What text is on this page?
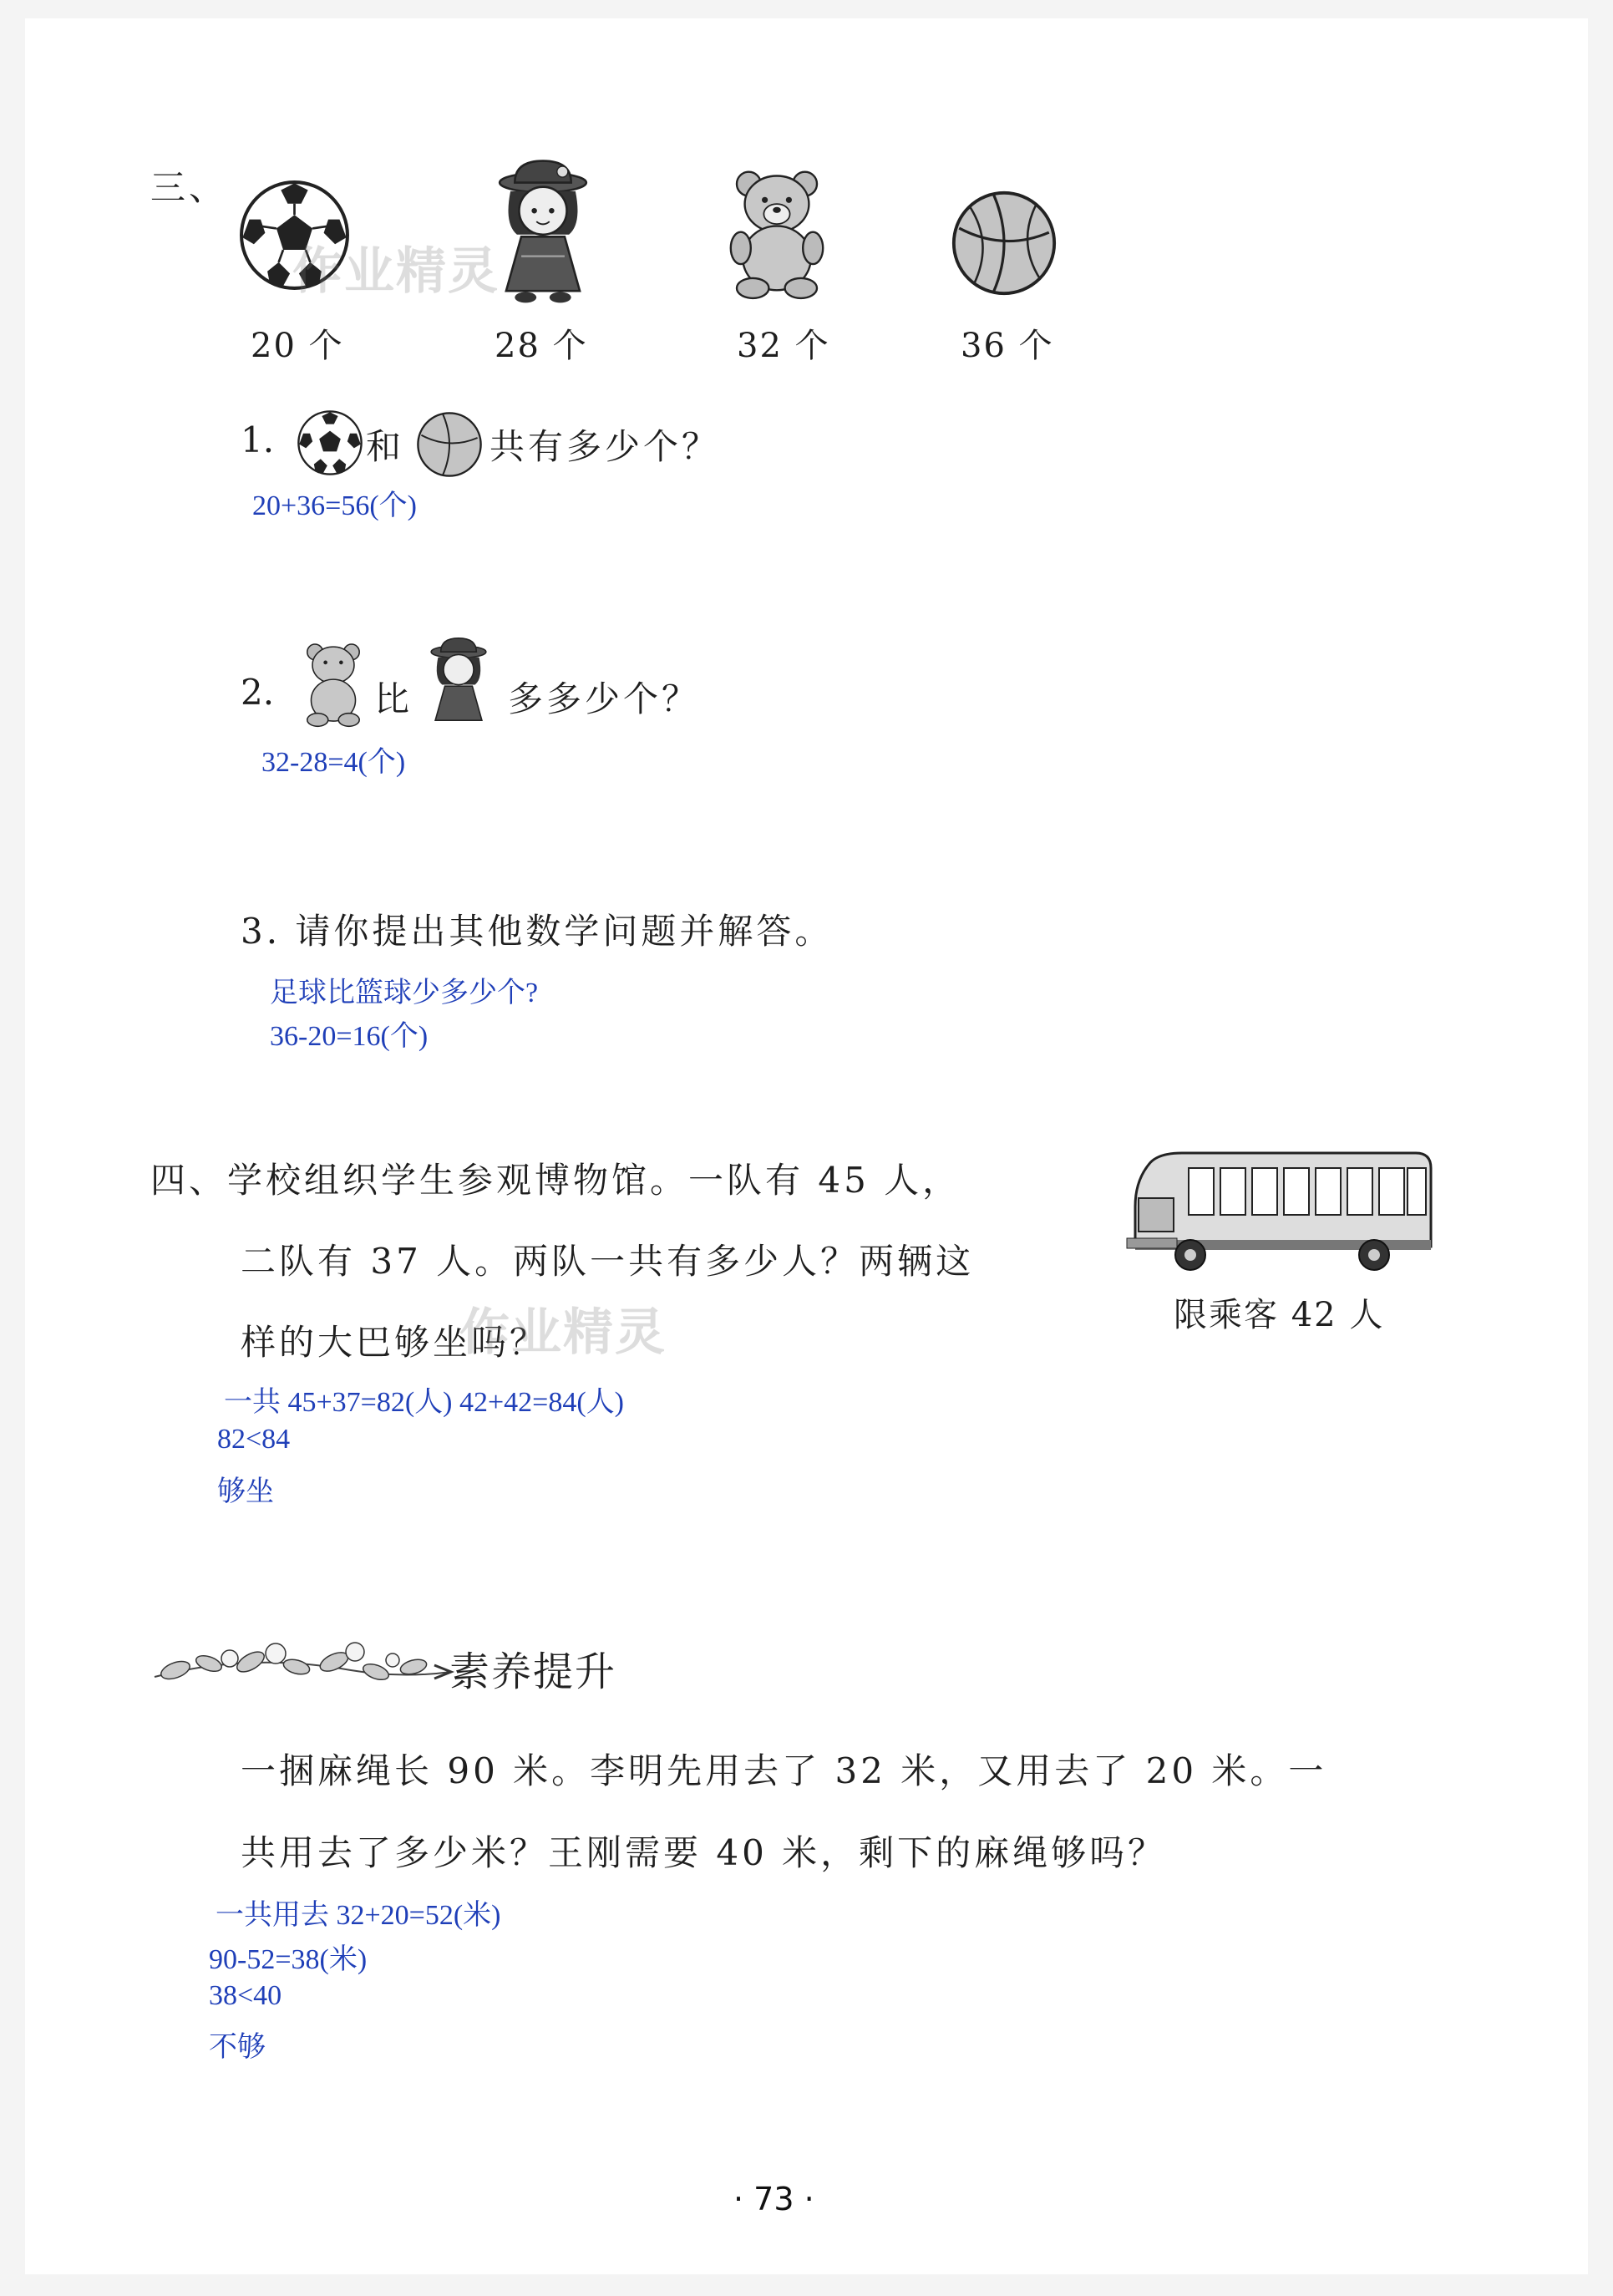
三、
20 个	28 个	32 个	36 个
作业精灵
1.	和 共有多少个？
20+36=56(个)
2.	比	多多少个？
32-28=4(个)
3. 请你提出其他数学问题并解答。
足球比篮球少多少个?
36-20=16(个)
四、学校组织学生参观博物馆。一队有 45 人，
二队有 37 人。两队一共有多少人？两辆这
样的大巴够坐吗？
作业精灵	限乘客 42 人
一共 45+37=82(人) 42+42=84(人)
82<84
够坐
素养提升
一捆麻绳长 90 米。李明先用去了 32 米，又用去了 20 米。一
共用去了多少米？王刚需要 40 米，剩下的麻绳够吗？
一共用去 32+20=52(米)
90-52=38(米)
38<40
不够
· 73 ·
